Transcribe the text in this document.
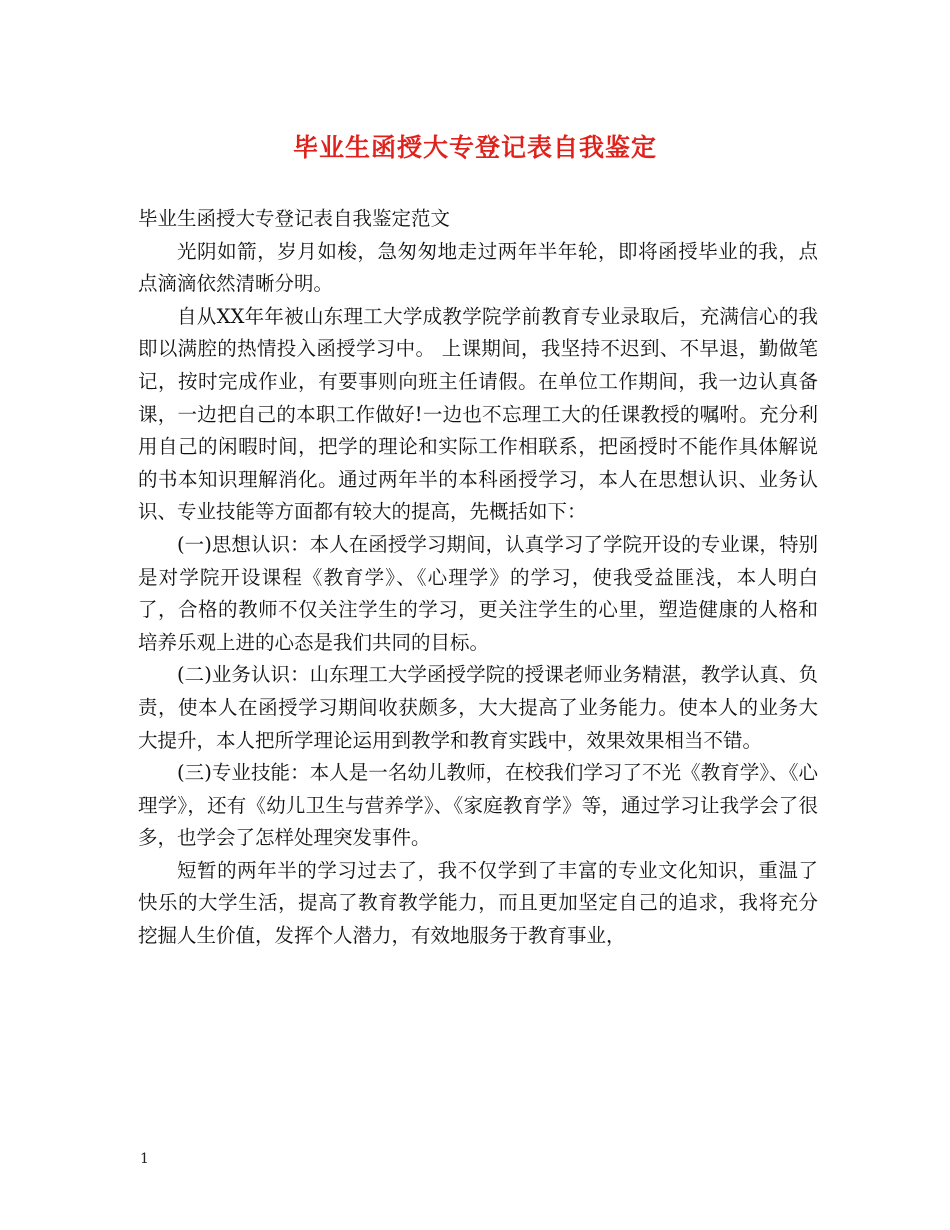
毕业生函授大专登记表自我鉴定

毕业生函授大专登记表自我鉴定范文

光阴如箭，岁月如梭，急匆匆地走过两年半年轮，即将函授毕业的我，点点滴滴依然清晰分明。

自从XX年年被山东理工大学成教学院学前教育专业录取后，充满信心的我即以满腔的热情投入函授学习中。 上课期间，我坚持不迟到、不早退，勤做笔记，按时完成作业，有要事则向班主任请假。在单位工作期间，我一边认真备课，一边把自己的本职工作做好!一边也不忘理工大的任课教授的嘱咐。充分利用自己的闲暇时间，把学的理论和实际工作相联系，把函授时不能作具体解说的书本知识理解消化。通过两年半的本科函授学习，本人在思想认识、业务认识、专业技能等方面都有较大的提高，先概括如下：

(一)思想认识：本人在函授学习期间，认真学习了学院开设的专业课，特别是对学院开设课程《教育学》、《心理学》的学习，使我受益匪浅，本人明白了，合格的教师不仅关注学生的学习，更关注学生的心里，塑造健康的人格和培养乐观上进的心态是我们共同的目标。

(二)业务认识：山东理工大学函授学院的授课老师业务精湛，教学认真、负责，使本人在函授学习期间收获颇多，大大提高了业务能力。使本人的业务大大提升，本人把所学理论运用到教学和教育实践中，效果效果相当不错。

(三)专业技能：本人是一名幼儿教师，在校我们学习了不光《教育学》、《心理学》，还有《幼儿卫生与营养学》、《家庭教育学》等，通过学习让我学会了很多，也学会了怎样处理突发事件。

短暂的两年半的学习过去了，我不仅学到了丰富的专业文化知识，重温了快乐的大学生活，提高了教育教学能力，而且更加坚定自己的追求，我将充分挖掘人生价值，发挥个人潜力，有效地服务于教育事业，

1
